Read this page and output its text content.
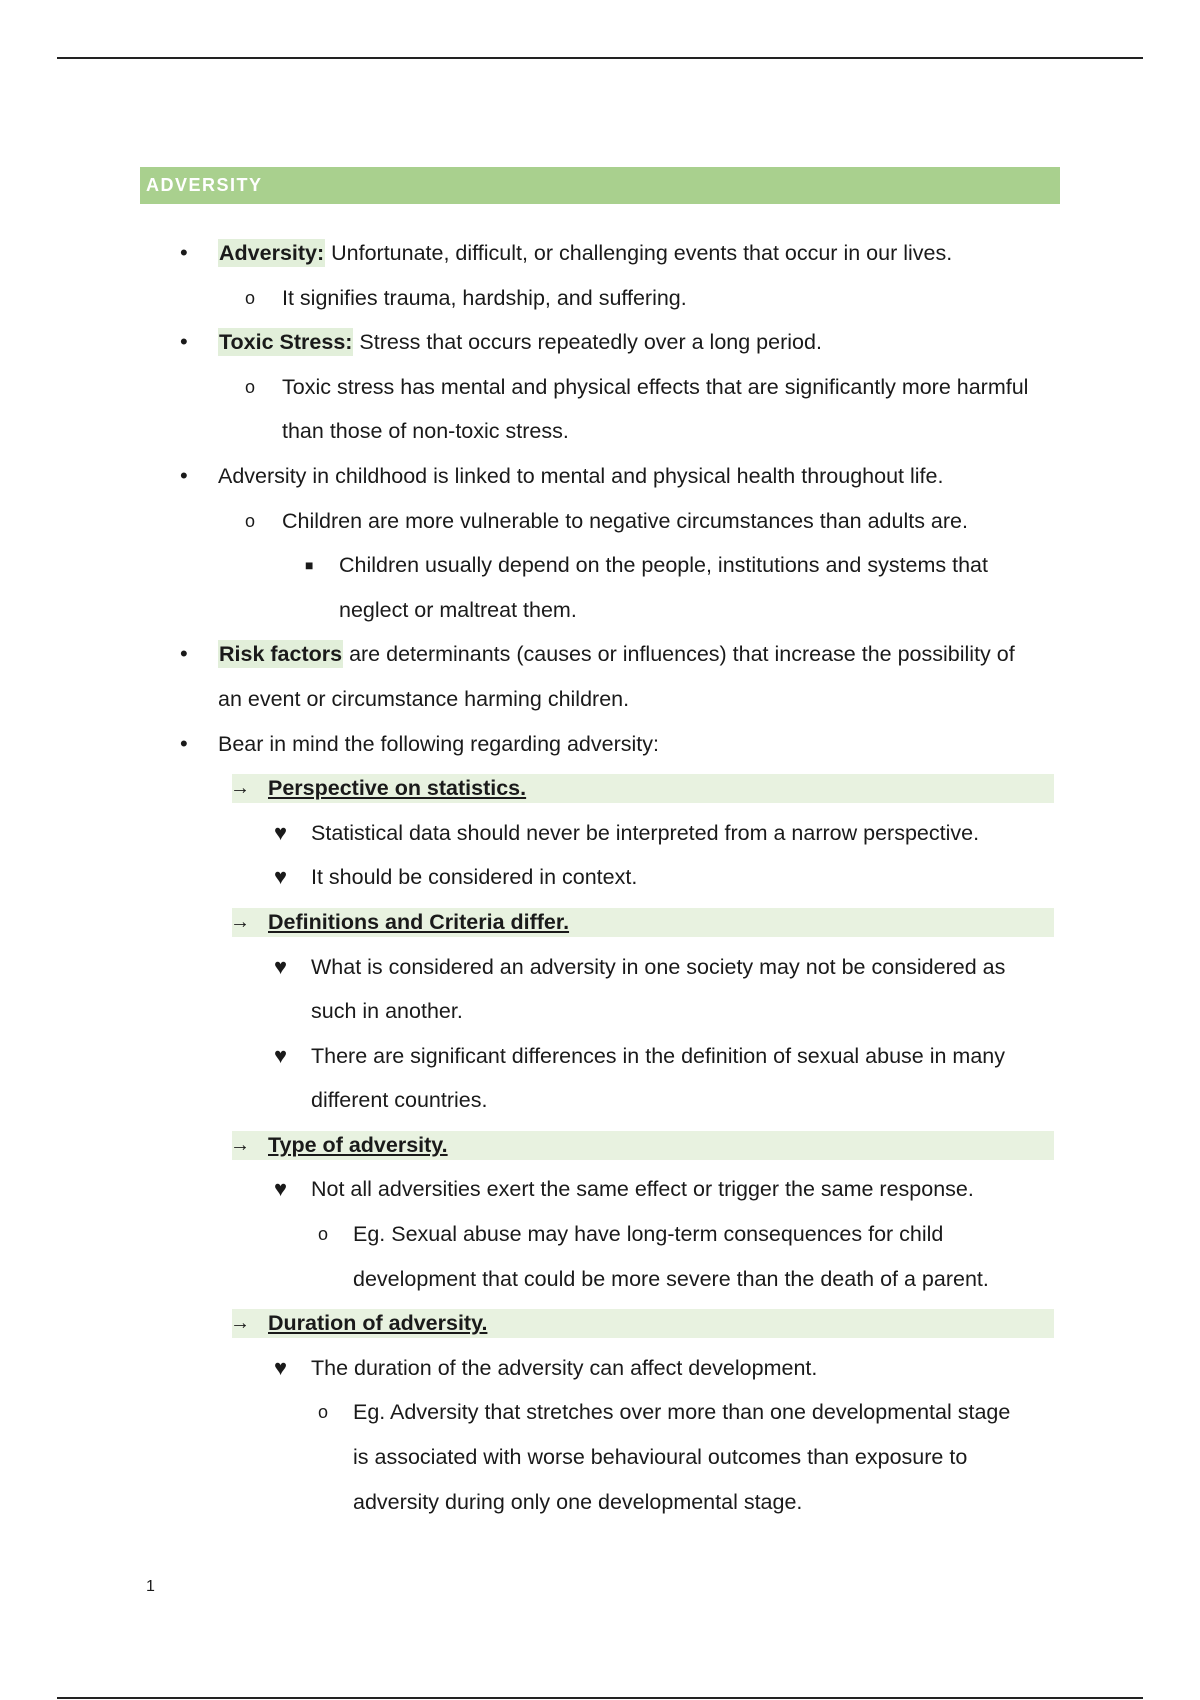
ADVERSITY
• Adversity: Unfortunate, difficult, or challenging events that occur in our lives.
o It signifies trauma, hardship, and suffering.
• Toxic Stress: Stress that occurs repeatedly over a long period.
o Toxic stress has mental and physical effects that are significantly more harmful
than those of non-toxic stress.
• Adversity in childhood is linked to mental and physical health throughout life.
o Children are more vulnerable to negative circumstances than adults are.
■ Children usually depend on the people, institutions and systems that
neglect or maltreat them.
• Risk factors are determinants (causes or influences) that increase the possibility of
an event or circumstance harming children.
• Bear in mind the following regarding adversity:
→ Perspective on statistics.
♥ Statistical data should never be interpreted from a narrow perspective.
♥ It should be considered in context.
→ Definitions and Criteria differ.
♥ What is considered an adversity in one society may not be considered as
such in another.
♥ There are significant differences in the definition of sexual abuse in many
different countries.
→ Type of adversity.
♥ Not all adversities exert the same effect or trigger the same response.
o Eg. Sexual abuse may have long-term consequences for child
development that could be more severe than the death of a parent.
→ Duration of adversity.
♥ The duration of the adversity can affect development.
o Eg. Adversity that stretches over more than one developmental stage
is associated with worse behavioural outcomes than exposure to
adversity during only one developmental stage.
1
